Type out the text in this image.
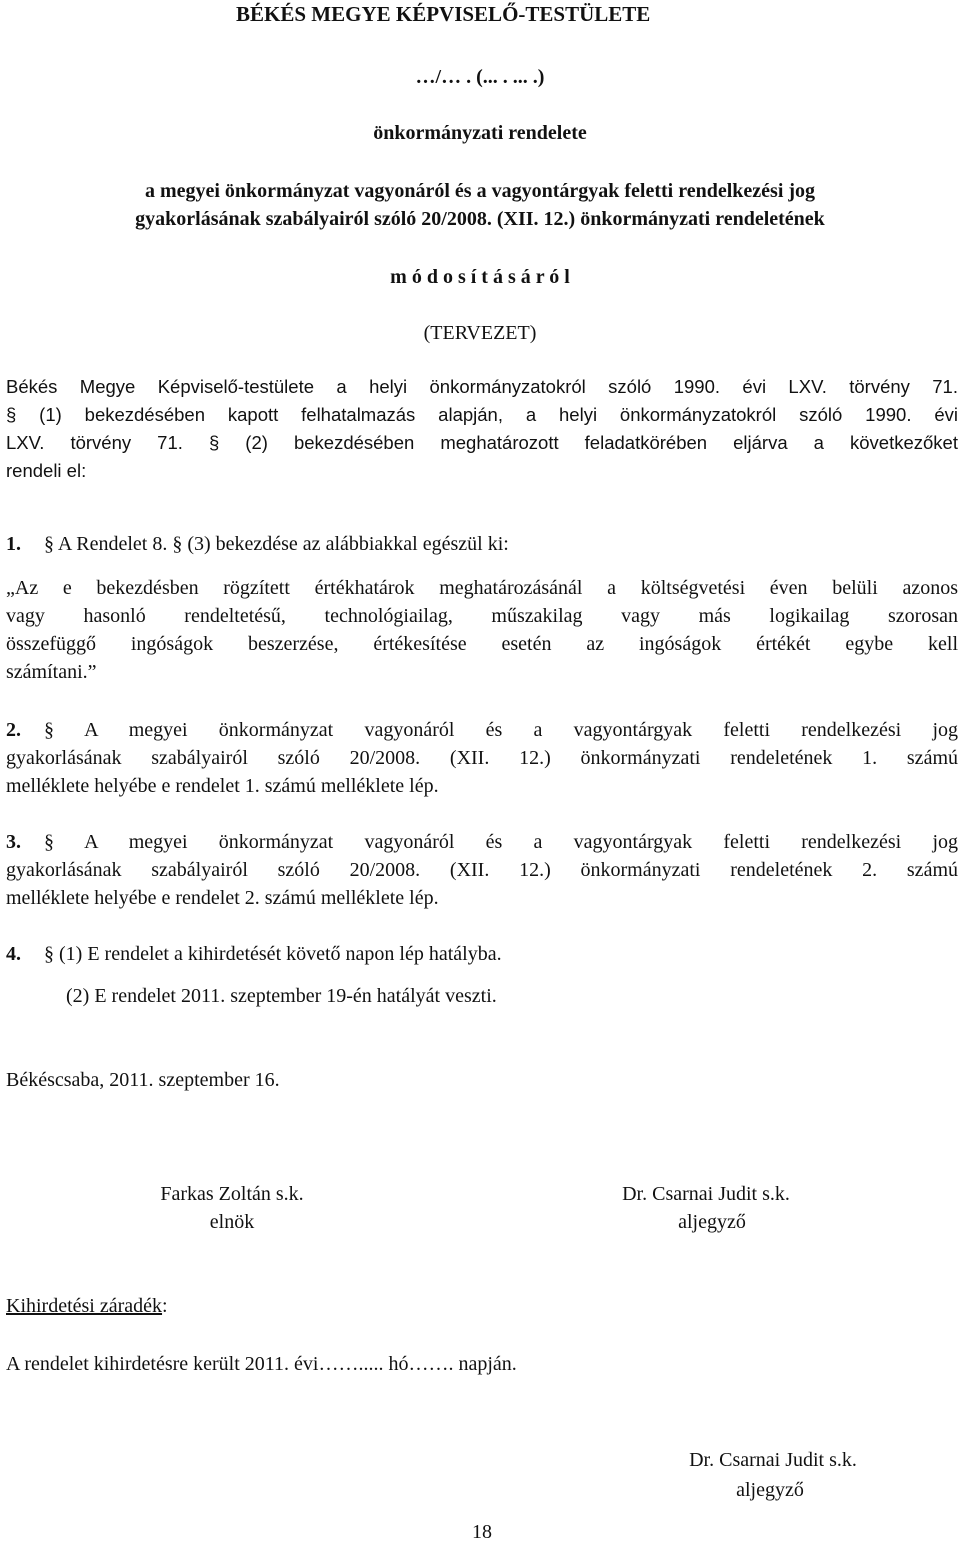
BÉKÉS MEGYE KÉPVISELŐ-TESTÜLETE
…/… . (... . ... .)
önkormányzati rendelete
a megyei önkormányzat vagyonáról és a vagyontárgyak feletti rendelkezési jog
gyakorlásának szabályairól szóló 20/2008. (XII. 12.) önkormányzati rendeletének
m ó d o s í t á s á r ó l
(TERVEZET)
Békés Megye Képviselő-testülete a helyi önkormányzatokról szóló 1990. évi LXV. törvény 71.
§ (1) bekezdésében kapott felhatalmazás alapján, a helyi önkormányzatokról szóló 1990. évi
LXV. törvény 71. § (2) bekezdésében meghatározott feladatkörében eljárva a következőket
rendeli el:
1. § A Rendelet 8. § (3) bekezdése az alábbiakkal egészül ki:
„Az e bekezdésben rögzített értékhatárok meghatározásánál a költségvetési éven belüli azonos
vagy hasonló rendeltetésű, technológiailag, műszakilag vagy más logikailag szorosan
összefüggő ingóságok beszerzése, értékesítése esetén az ingóságok értékét egybe kell
számítani.”
2. § A megyei önkormányzat vagyonáról és a vagyontárgyak feletti rendelkezési jog
gyakorlásának szabályairól szóló 20/2008. (XII. 12.) önkormányzati rendeletének 1. számú
melléklete helyébe e rendelet 1. számú melléklete lép.
3. § A megyei önkormányzat vagyonáról és a vagyontárgyak feletti rendelkezési jog
gyakorlásának szabályairól szóló 20/2008. (XII. 12.) önkormányzati rendeletének 2. számú
melléklete helyébe e rendelet 2. számú melléklete lép.
4. § (1) E rendelet a kihirdetését követő napon lép hatályba.
(2) E rendelet 2011. szeptember 19-én hatályát veszti.
Békéscsaba, 2011. szeptember 16.
Farkas Zoltán s.k.
elnök
Dr. Csarnai Judit s.k.
aljegyző
Kihirdetési záradék:
A rendelet kihirdetésre került 2011. évi……..... hó……. napján.
Dr. Csarnai Judit s.k.
aljegyző
18
